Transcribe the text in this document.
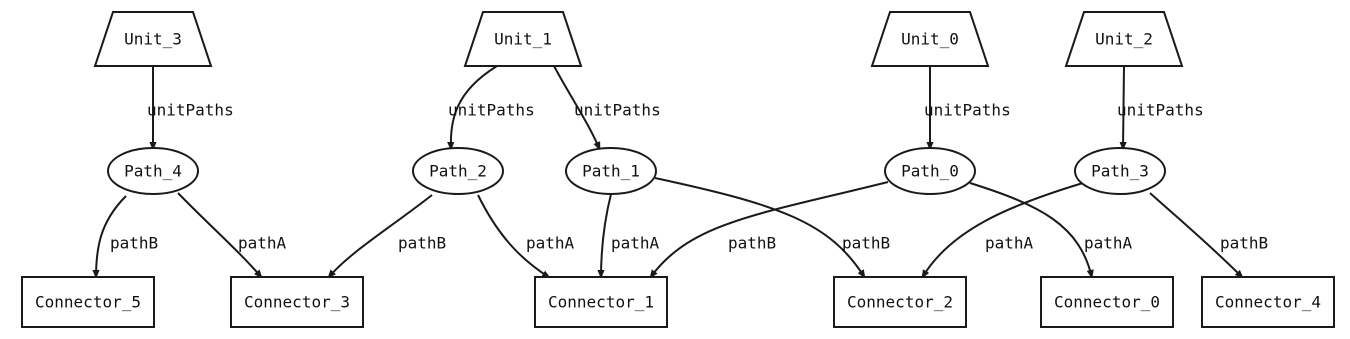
Unit_3	Unit_1	Unit_0	Unit_2
Path_4	Path_2	Path_1	Path_0	Path_3
Connector_5	Connector_3	Connector_1	Connector_2	Connector_0	Connector_4
unitPaths	unitPaths unitPaths	unitPaths	unitPaths
pathB	pathA	pathB	pathA pathA	pathB	pathB	pathA	pathA	pathB
